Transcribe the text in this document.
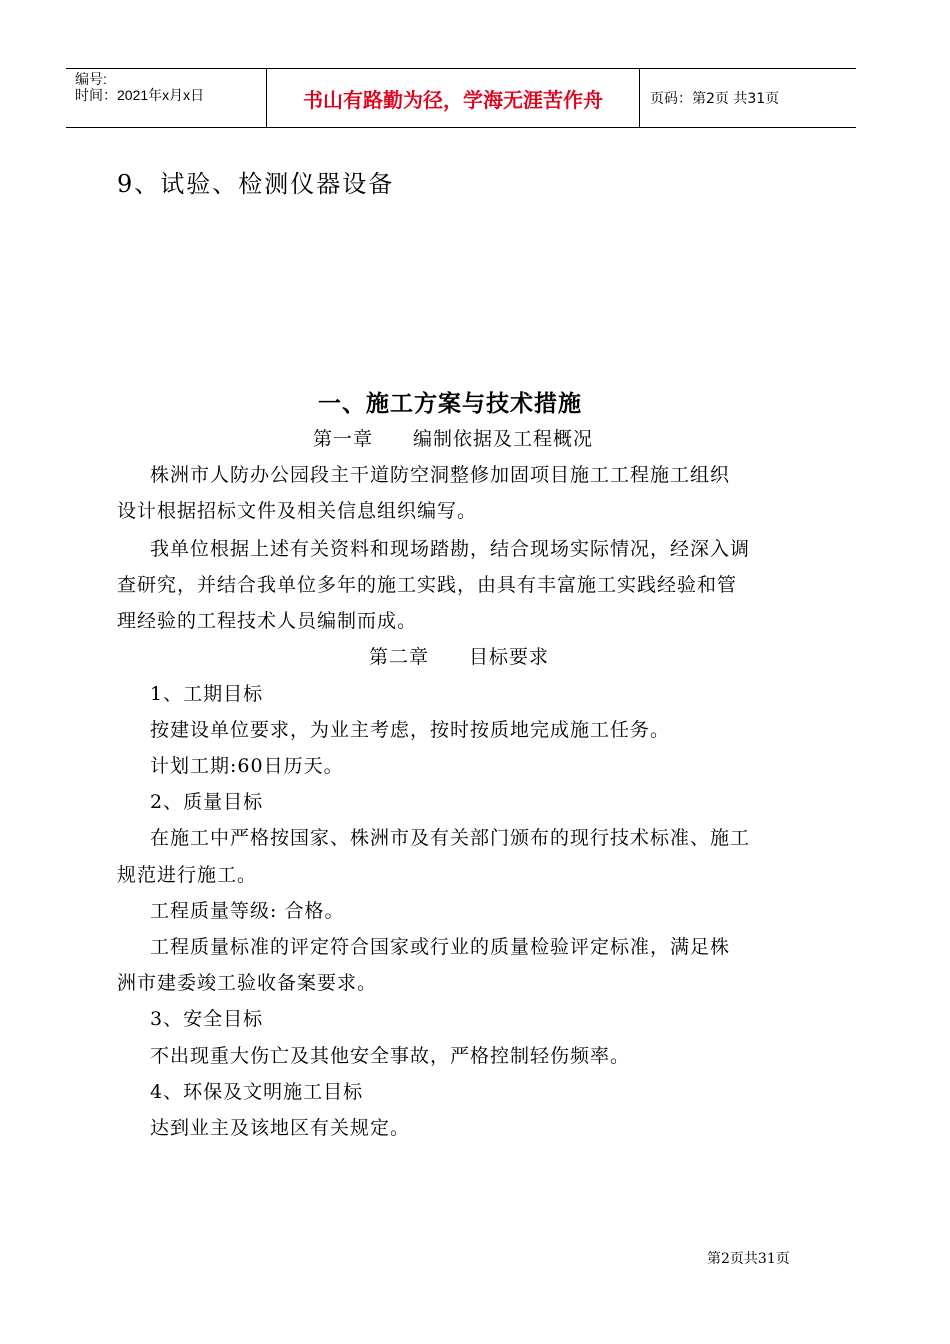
编号:
时间：2021年x月x日	书山有路勤为径，学海无涯苦作舟	页码：第2页 共31页
9、试验、检测仪器设备
一、施工方案与技术措施
第一章　　编制依据及工程概况
株洲市人防办公园段主干道防空洞整修加固项目施工工程施工组织
设计根据招标文件及相关信息组织编写。
我单位根据上述有关资料和现场踏勘，结合现场实际情况，经深入调
查研究，并结合我单位多年的施工实践，由具有丰富施工实践经验和管
理经验的工程技术人员编制而成。
第二章　　目标要求
1、工期目标
按建设单位要求，为业主考虑，按时按质地完成施工任务。
计划工期:60日历天。
2、质量目标
在施工中严格按国家、株洲市及有关部门颁布的现行技术标准、施工
规范进行施工。
工程质量等级: 合格。
工程质量标准的评定符合国家或行业的质量检验评定标准，满足株
洲市建委竣工验收备案要求。
3、安全目标
不出现重大伤亡及其他安全事故，严格控制轻伤频率。
4、环保及文明施工目标
达到业主及该地区有关规定。
第2页共31页
